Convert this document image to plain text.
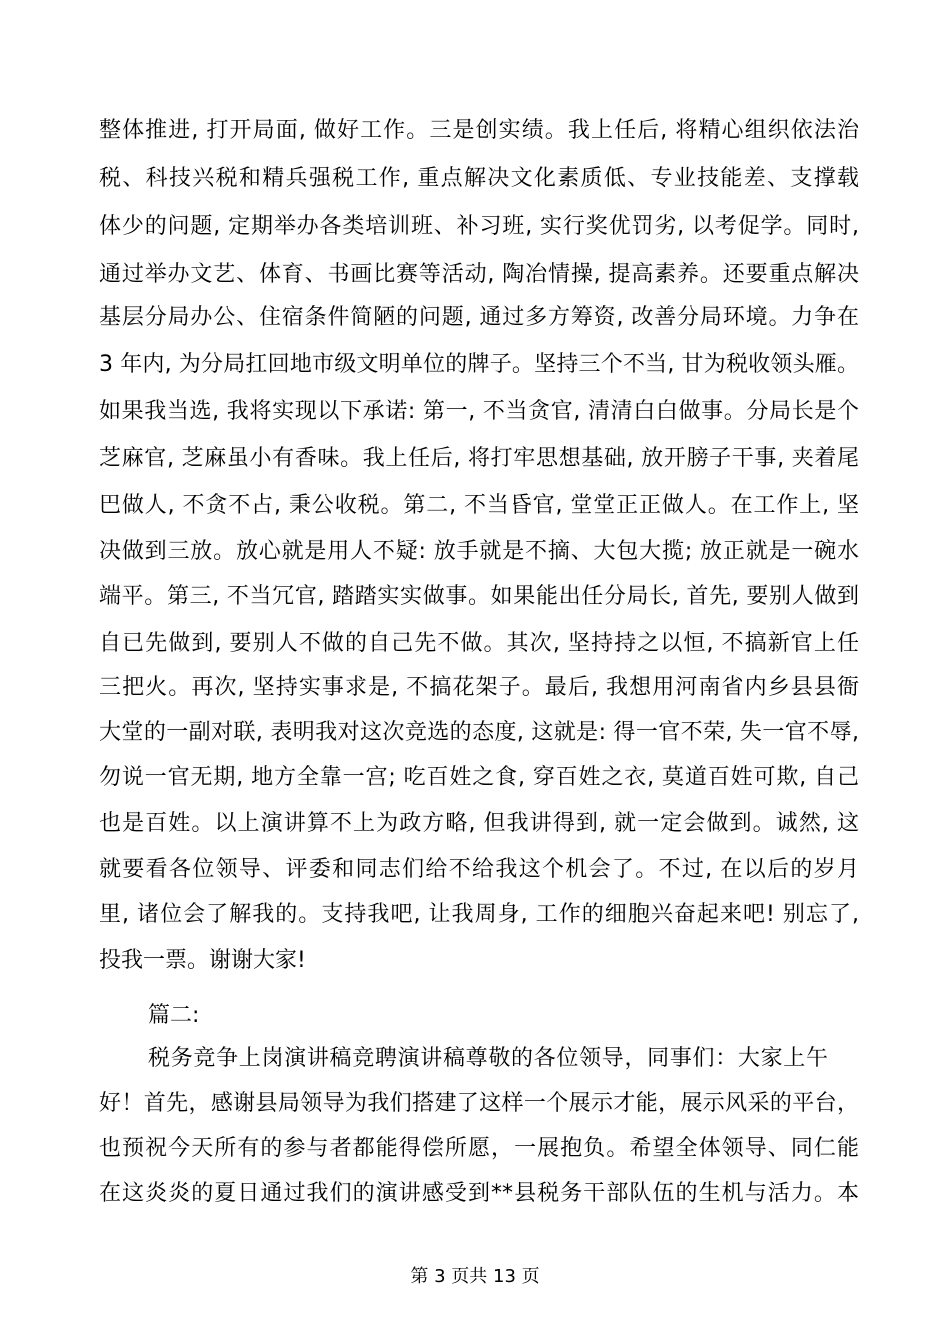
整体推进, 打开局面, 做好工作。三是创实绩。我上任后, 将精心组织依法治
税、科技兴税和精兵强税工作, 重点解决文化素质低、专业技能差、支撑载
体少的问题, 定期举办各类培训班、补习班, 实行奖优罚劣, 以考促学。同时,
通过举办文艺、体育、书画比赛等活动, 陶冶情操, 提高素养。还要重点解决
基层分局办公、住宿条件简陋的问题, 通过多方筹资, 改善分局环境。力争在
3 年内, 为分局扛回地市级文明单位的牌子。坚持三个不当, 甘为税收领头雁。
如果我当选, 我将实现以下承诺: 第一, 不当贪官, 清清白白做事。分局长是个
芝麻官, 芝麻虽小有香味。我上任后, 将打牢思想基础, 放开膀子干事, 夹着尾
巴做人, 不贪不占, 秉公收税。第二, 不当昏官, 堂堂正正做人。在工作上, 坚
决做到三放。放心就是用人不疑: 放手就是不摘、大包大揽; 放正就是一碗水
端平。第三, 不当冗官, 踏踏实实做事。如果能出任分局长, 首先, 要别人做到
自已先做到, 要别人不做的自己先不做。其次, 坚持持之以恒, 不搞新官上任
三把火。再次, 坚持实事求是, 不搞花架子。最后, 我想用河南省内乡县县衙
大堂的一副对联, 表明我对这次竞选的态度, 这就是: 得一官不荣, 失一官不辱,
勿说一官无期, 地方全靠一宫; 吃百姓之食, 穿百姓之衣, 莫道百姓可欺, 自己
也是百姓。以上演讲算不上为政方略, 但我讲得到, 就一定会做到。诚然, 这
就要看各位领导、评委和同志们给不给我这个机会了。不过, 在以后的岁月
里, 诸位会了解我的。支持我吧, 让我周身, 工作的细胞兴奋起来吧! 别忘了,
投我一票。谢谢大家!
篇二:
税务竞争上岗演讲稿竞聘演讲稿尊敬的各位领导，同事们：大家上午
好！首先，感谢县局领导为我们搭建了这样一个展示才能，展示风采的平台，
也预祝今天所有的参与者都能得偿所愿，一展抱负。希望全体领导、同仁能
在这炎炎的夏日通过我们的演讲感受到**县税务干部队伍的生机与活力。本
第 3 页共 13 页
